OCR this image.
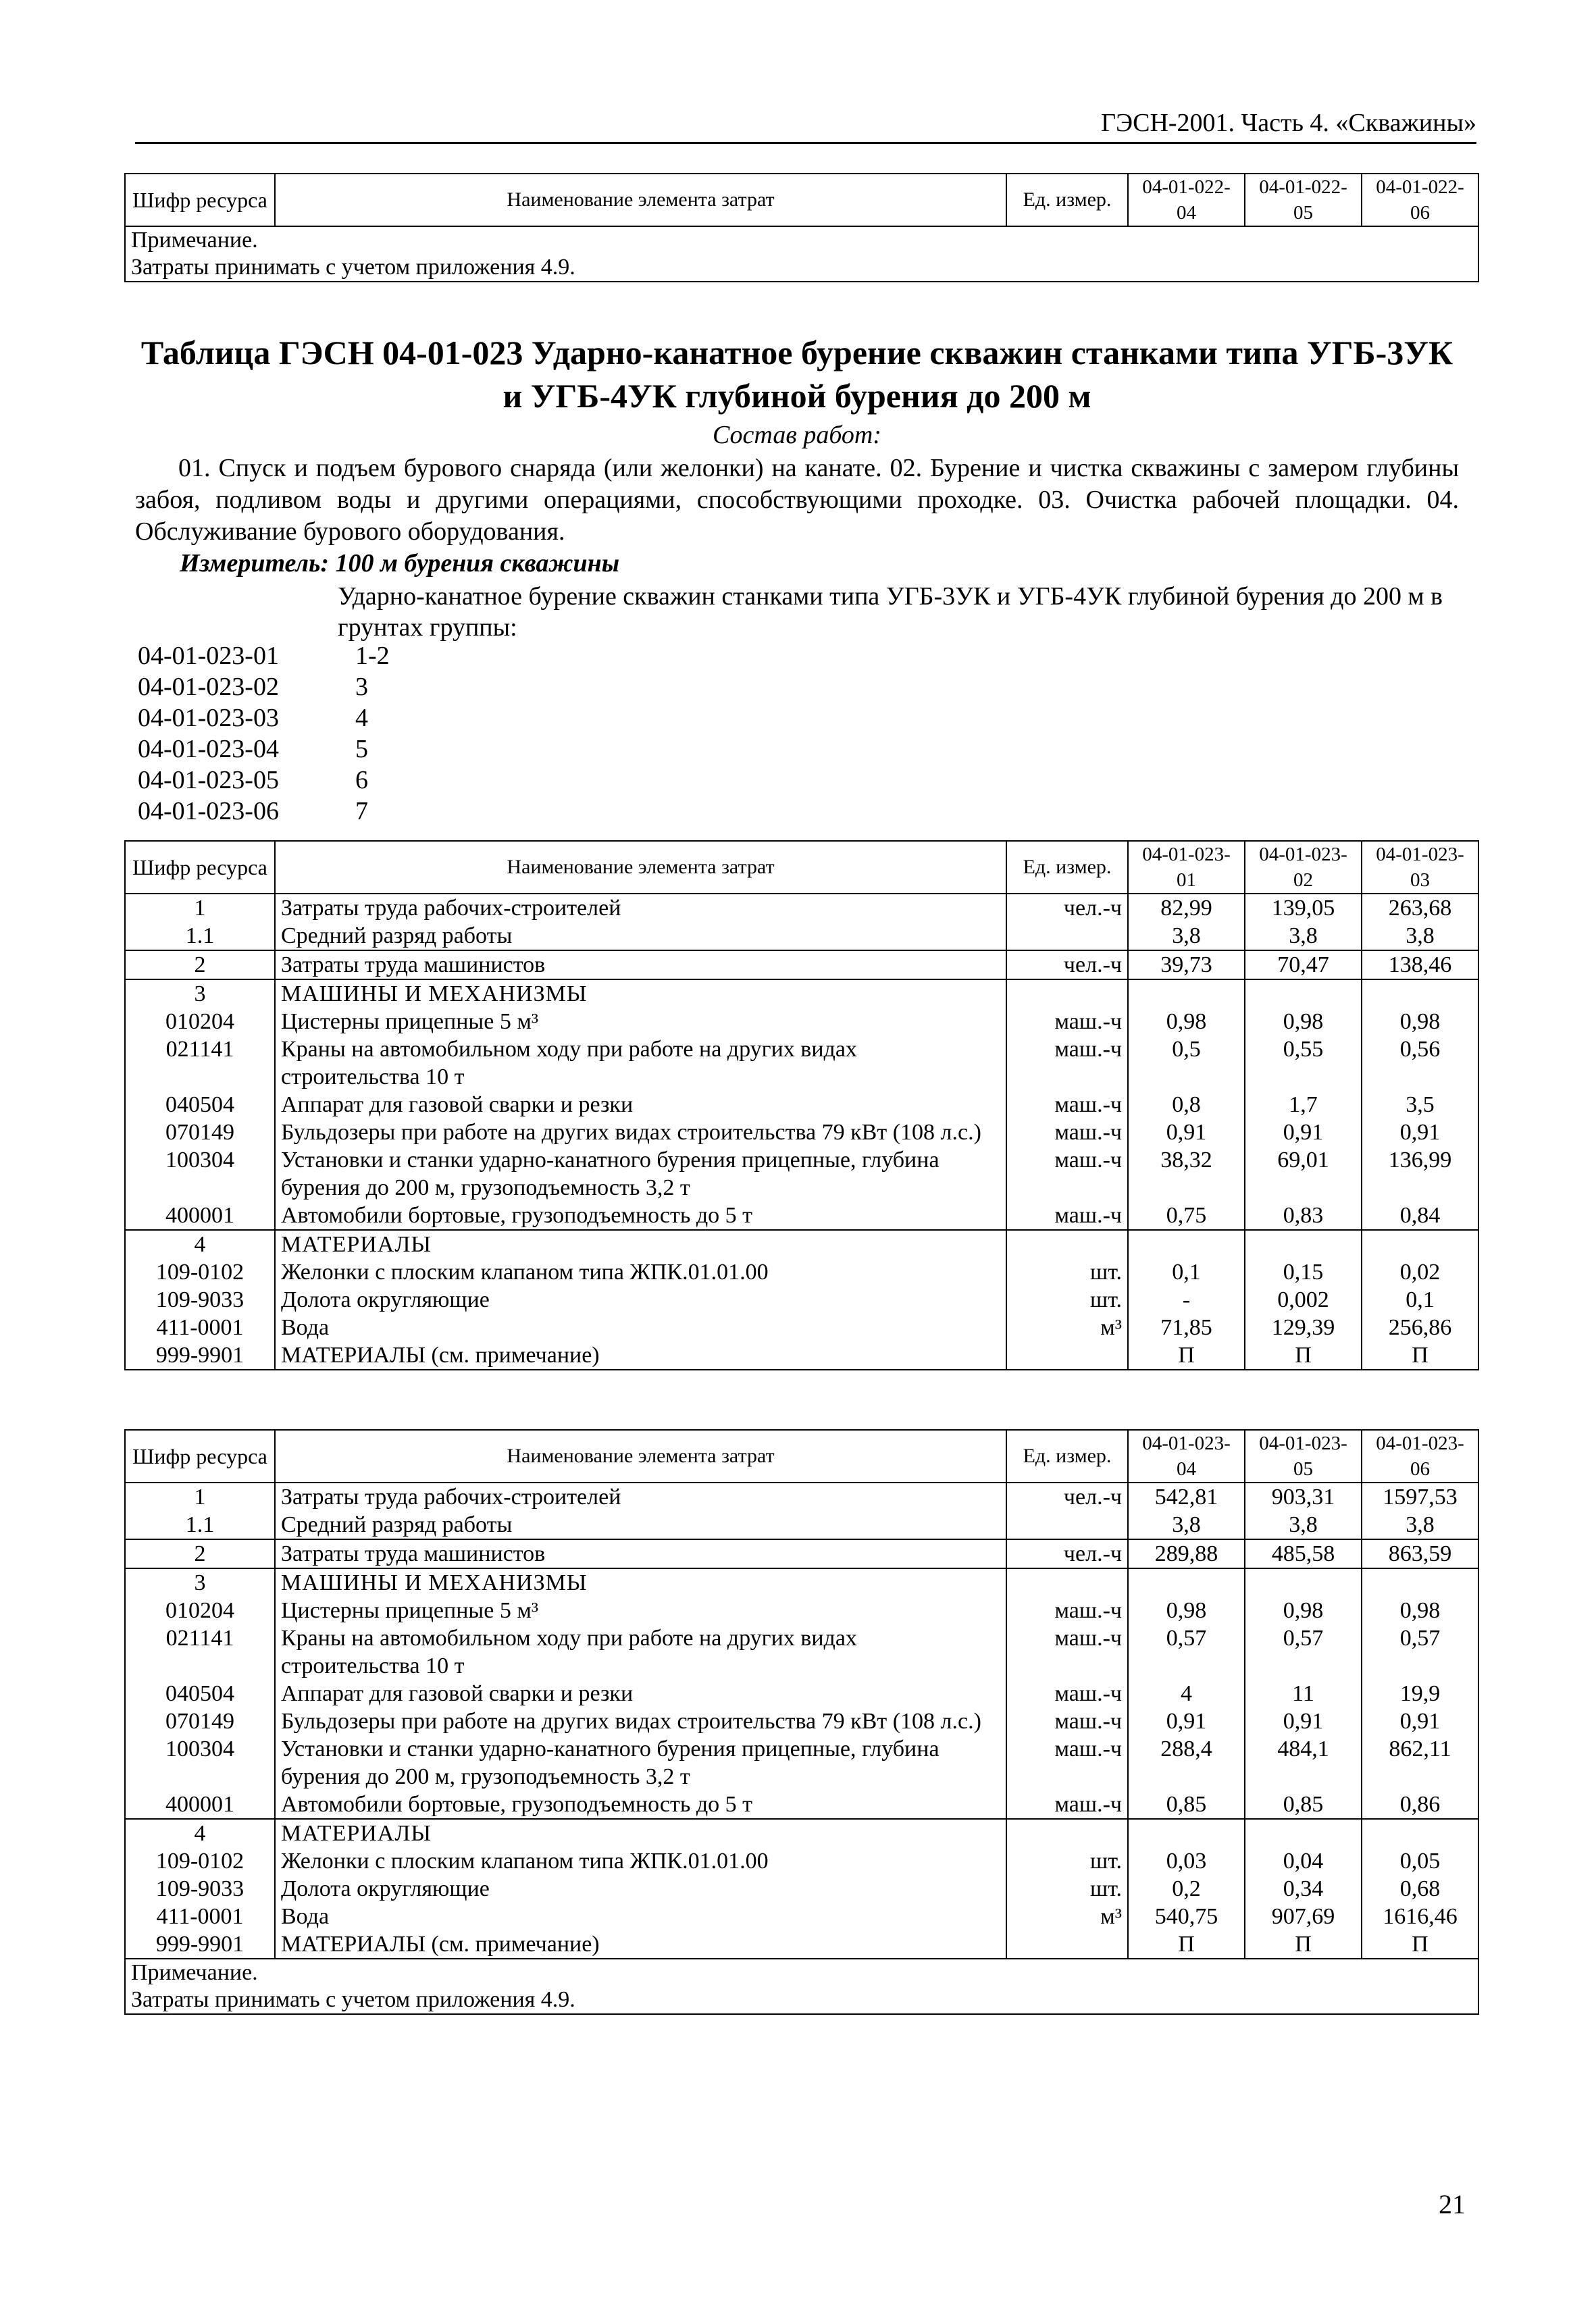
ГЭСН-2001. Часть 4. «Скважины»
Шифр ресурса	Наименование элемента затрат	Ед. измер.	04-01-022-04	04-01-022-05	04-01-022-06

Примечание.
Затраты принимать с учетом приложения 4.9.
Таблица ГЭСН 04-01-023 Ударно-канатное бурение скважин станками типа УГБ-3УК и УГБ-4УК глубиной бурения до 200 м
Состав работ:
01. Спуск и подъем бурового снаряда (или желонки) на канате. 02. Бурение и чистка скважины с замером глубины забоя, подливом воды и другими операциями, способствующими проходке. 03. Очистка рабочей площадки. 04. Обслуживание бурового оборудования.
Измеритель: 100 м бурения скважины
Ударно-канатное бурение скважин станками типа УГБ-3УК и УГБ-4УК глубиной бурения до 200 м в грунтах группы:
04-01-023-01	1-2
04-01-023-02	3
04-01-023-03	4
04-01-023-04	5
04-01-023-05	6
04-01-023-06	7
Шифр ресурса	Наименование элемента затрат	Ед. измер.	04-01-023-01	04-01-023-02	04-01-023-03
1	Затраты труда рабочих-строителей	чел.-ч	82,99	139,05	263,68
1.1	Средний разряд работы		3,8	3,8	3,8
2	Затраты труда машинистов	чел.-ч	39,73	70,47	138,46
3	МАШИНЫ И МЕХАНИЗМЫ				
010204	Цистерны прицепные 5 м³	маш.-ч	0,98	0,98	0,98
021141	Краны на автомобильном ходу при работе на других видах строительства 10 т	маш.-ч	0,5	0,55	0,56
040504	Аппарат для газовой сварки и резки	маш.-ч	0,8	1,7	3,5
070149	Бульдозеры при работе на других видах строительства 79 кВт (108 л.с.)	маш.-ч	0,91	0,91	0,91
100304	Установки и станки ударно-канатного бурения прицепные, глубина бурения до 200 м, грузоподъемность 3,2 т	маш.-ч	38,32	69,01	136,99
400001	Автомобили бортовые, грузоподъемность до 5 т	маш.-ч	0,75	0,83	0,84
4	МАТЕРИАЛЫ				
109-0102	Желонки с плоским клапаном типа ЖПК.01.01.00	шт.	0,1	0,15	0,02
109-9033	Долота округляющие	шт.	-	0,002	0,1
411-0001	Вода	м³	71,85	129,39	256,86
999-9901	МАТЕРИАЛЫ (см. примечание)		П	П	П
Шифр ресурса	Наименование элемента затрат	Ед. измер.	04-01-023-04	04-01-023-05	04-01-023-06
1	Затраты труда рабочих-строителей	чел.-ч	542,81	903,31	1597,53
1.1	Средний разряд работы		3,8	3,8	3,8
2	Затраты труда машинистов	чел.-ч	289,88	485,58	863,59
3	МАШИНЫ И МЕХАНИЗМЫ				
010204	Цистерны прицепные 5 м³	маш.-ч	0,98	0,98	0,98
021141	Краны на автомобильном ходу при работе на других видах строительства 10 т	маш.-ч	0,57	0,57	0,57
040504	Аппарат для газовой сварки и резки	маш.-ч	4	11	19,9
070149	Бульдозеры при работе на других видах строительства 79 кВт (108 л.с.)	маш.-ч	0,91	0,91	0,91
100304	Установки и станки ударно-канатного бурения прицепные, глубина бурения до 200 м, грузоподъемность 3,2 т	маш.-ч	288,4	484,1	862,11
400001	Автомобили бортовые, грузоподъемность до 5 т	маш.-ч	0,85	0,85	0,86
4	МАТЕРИАЛЫ				
109-0102	Желонки с плоским клапаном типа ЖПК.01.01.00	шт.	0,03	0,04	0,05
109-9033	Долота округляющие	шт.	0,2	0,34	0,68
411-0001	Вода	м³	540,75	907,69	1616,46
999-9901	МАТЕРИАЛЫ (см. примечание)		П	П	П

Примечание.
Затраты принимать с учетом приложения 4.9.					
21
